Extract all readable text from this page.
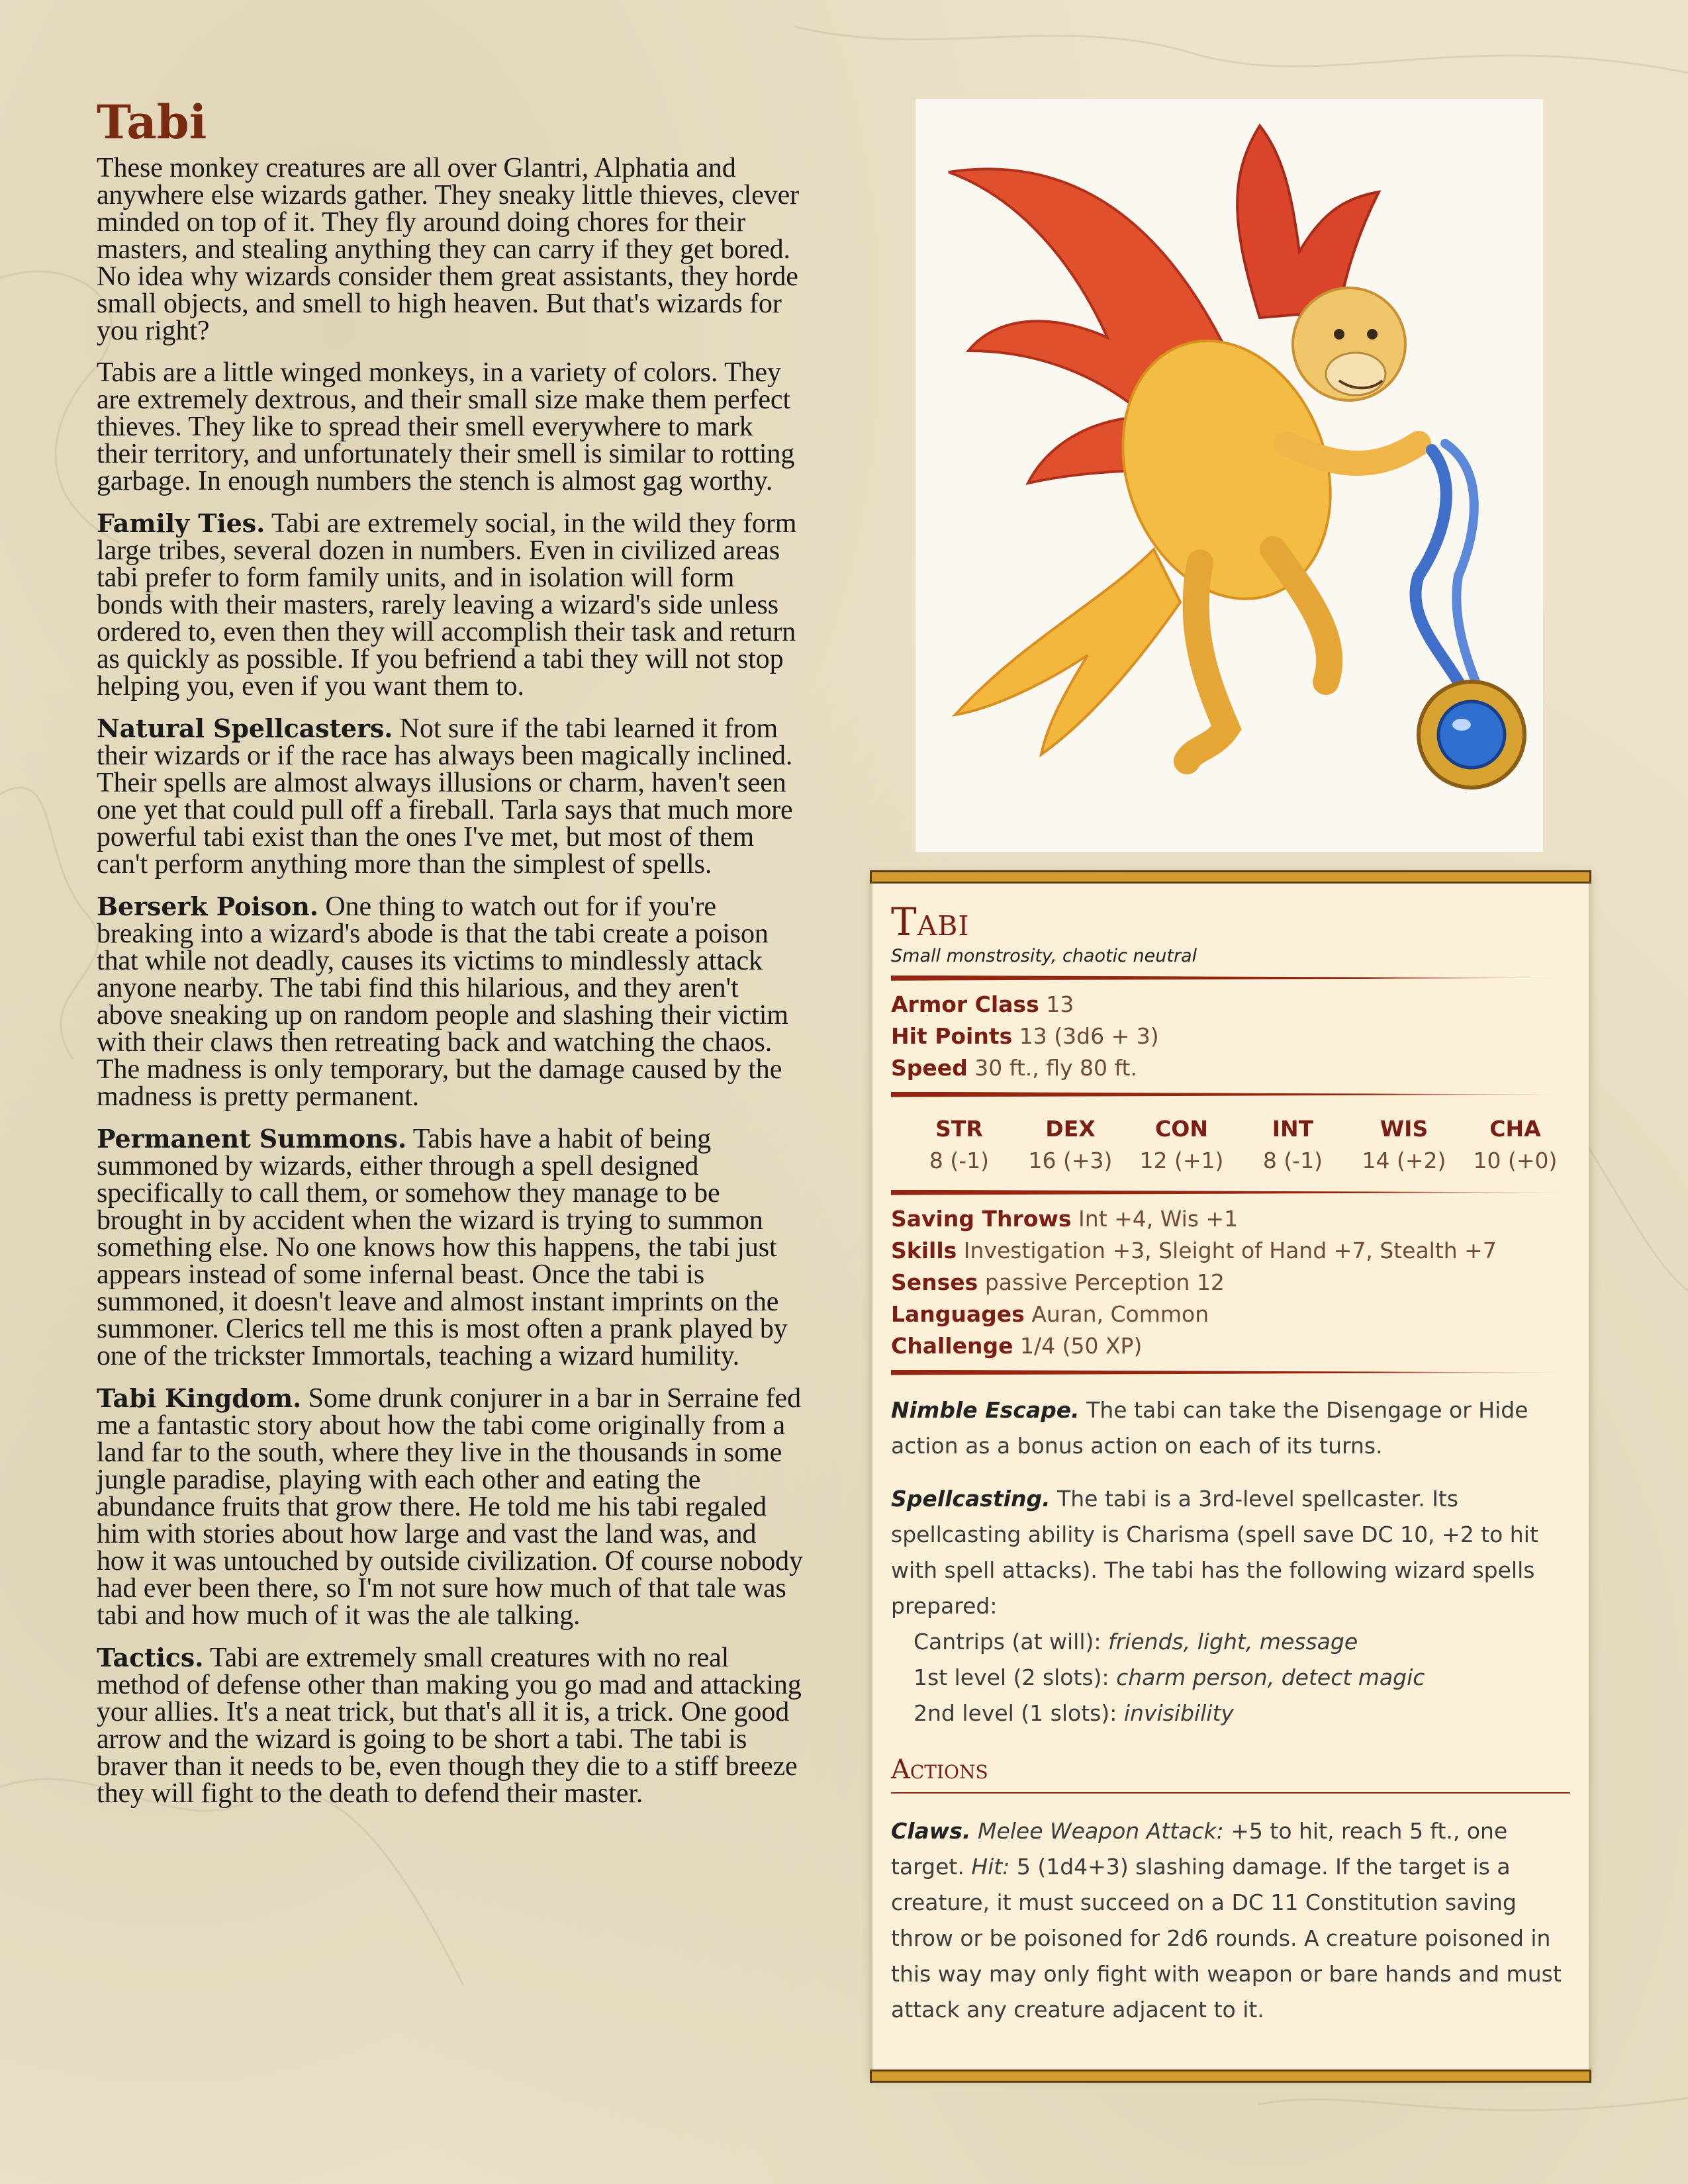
Tabi

These monkey creatures are all over Glantri, Alphatia and anywhere else wizards gather. They sneaky little thieves, clever minded on top of it. They fly around doing chores for their masters, and stealing anything they can carry if they get bored. No idea why wizards consider them great assistants, they horde small objects, and smell to high heaven. But that's wizards for you right?

Tabis are a little winged monkeys, in a variety of colors. They are extremely dextrous, and their small size make them perfect thieves. They like to spread their smell everywhere to mark their territory, and unfortunately their smell is similar to rotting garbage. In enough numbers the stench is almost gag worthy.

Family Ties. Tabi are extremely social, in the wild they form large tribes, several dozen in numbers. Even in civilized areas tabi prefer to form family units, and in isolation will form bonds with their masters, rarely leaving a wizard's side unless ordered to, even then they will accomplish their task and return as quickly as possible. If you befriend a tabi they will not stop helping you, even if you want them to.

Natural Spellcasters. Not sure if the tabi learned it from their wizards or if the race has always been magically inclined. Their spells are almost always illusions or charm, haven't seen one yet that could pull off a fireball. Tarla says that much more powerful tabi exist than the ones I've met, but most of them can't perform anything more than the simplest of spells.

Berserk Poison. One thing to watch out for if you're breaking into a wizard's abode is that the tabi create a poison that while not deadly, causes its victims to mindlessly attack anyone nearby. The tabi find this hilarious, and they aren't above sneaking up on random people and slashing their victim with their claws then retreating back and watching the chaos. The madness is only temporary, but the damage caused by the madness is pretty permanent.

Permanent Summons. Tabis have a habit of being summoned by wizards, either through a spell designed specifically to call them, or somehow they manage to be brought in by accident when the wizard is trying to summon something else. No one knows how this happens, the tabi just appears instead of some infernal beast. Once the tabi is summoned, it doesn't leave and almost instant imprints on the summoner. Clerics tell me this is most often a prank played by one of the trickster Immortals, teaching a wizard humility.

Tabi Kingdom. Some drunk conjurer in a bar in Serraine fed me a fantastic story about how the tabi come originally from a land far to the south, where they live in the thousands in some jungle paradise, playing with each other and eating the abundance fruits that grow there. He told me his tabi regaled him with stories about how large and vast the land was, and how it was untouched by outside civilization. Of course nobody had ever been there, so I'm not sure how much of that tale was tabi and how much of it was the ale talking.

Tactics. Tabi are extremely small creatures with no real method of defense other than making you go mad and attacking your allies. It's a neat trick, but that's all it is, a trick. One good arrow and the wizard is going to be short a tabi. The tabi is braver than it needs to be, even though they die to a stiff breeze they will fight to the death to defend their master.

Tabi
Small monstrosity, chaotic neutral
Armor Class 13
Hit Points 13 (3d6 + 3)
Speed 30 ft., fly 80 ft.
STR
8 (-1)
DEX
16 (+3)
CON
12 (+1)
INT
8 (-1)
WIS
14 (+2)
CHA
10 (+0)
Saving Throws Int +4, Wis +1
Skills Investigation +3, Sleight of Hand +7, Stealth +7
Senses passive Perception 12
Languages Auran, Common
Challenge 1/4 (50 XP)
Nimble Escape. The tabi can take the Disengage or Hide action as a bonus action on each of its turns.
Spellcasting. The tabi is a 3rd-level spellcaster. Its spellcasting ability is Charisma (spell save DC 10, +2 to hit with spell attacks). The tabi has the following wizard spells prepared:
Cantrips (at will): friends, light, message
1st level (2 slots): charm person, detect magic
2nd level (1 slots): invisibility
Actions
Claws. Melee Weapon Attack: +5 to hit, reach 5 ft., one target. Hit: 5 (1d4+3) slashing damage. If the target is a creature, it must succeed on a DC 11 Constitution saving throw or be poisoned for 2d6 rounds. A creature poisoned in this way may only fight with weapon or bare hands and must attack any creature adjacent to it.
